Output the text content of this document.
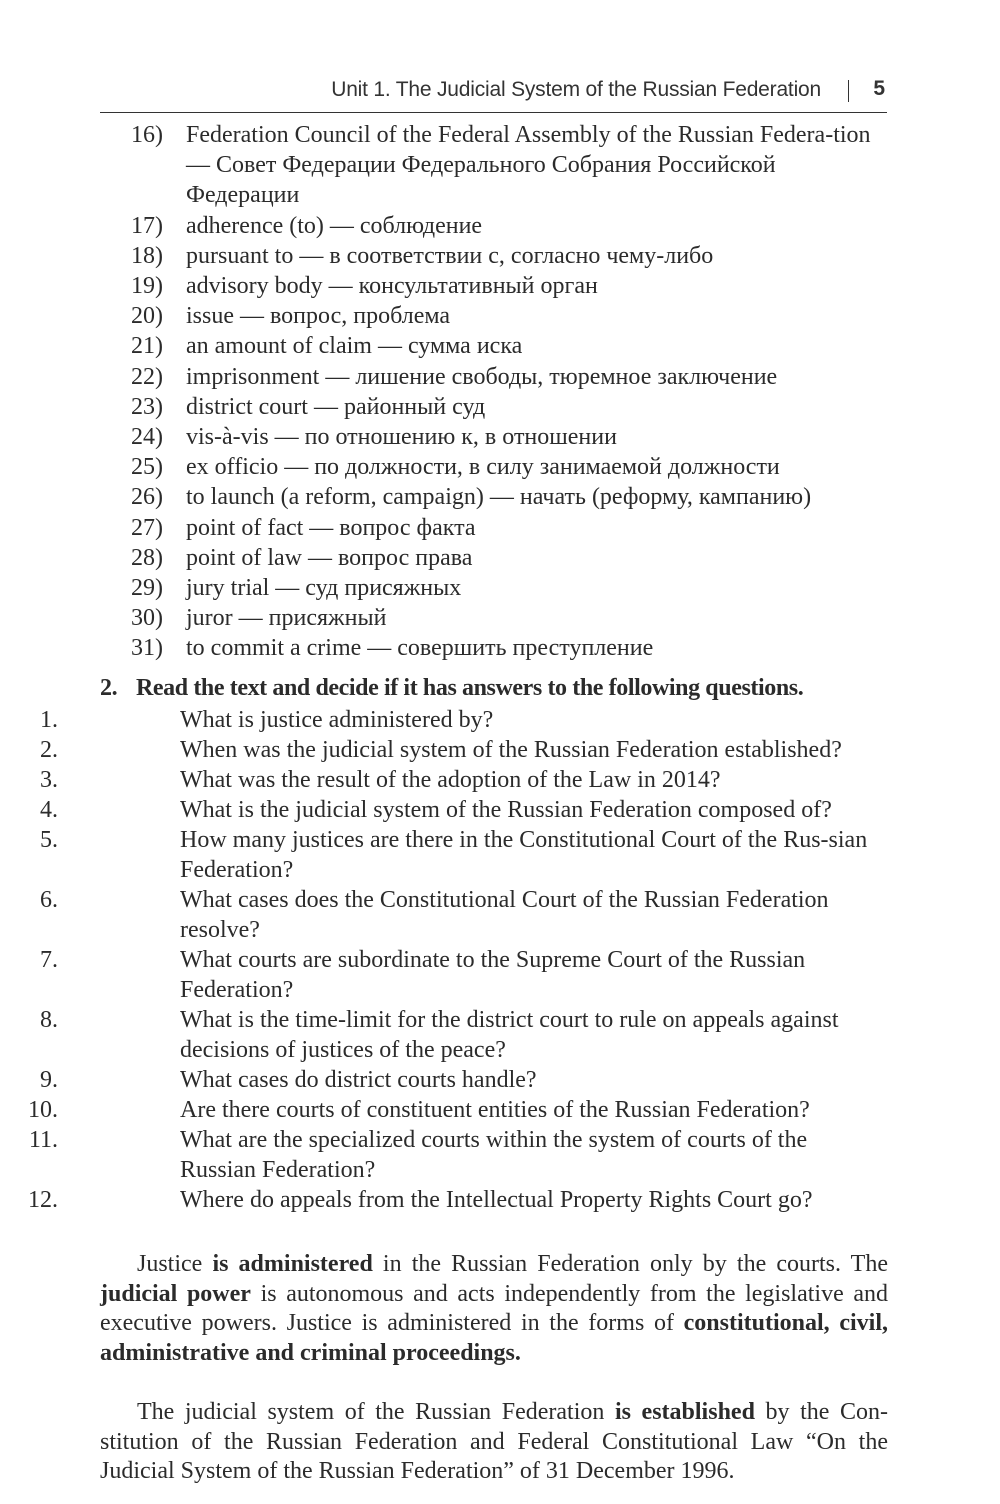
Unit 1. The Judicial System of the Russian Federation 5
16) Federation Council of the Federal Assembly of the Russian Federa-​tion — Совет Федерации Федерального Собрания Российской Федерации
17) adherence (to) — соблюдение
18) pursuant to — в соответствии с, согласно чему-либо
19) advisory body — консультативный орган
20) issue — вопрос, проблема
21) an amount of claim — сумма иска
22) imprisonment — лишение свободы, тюремное заключение
23) district court — районный суд
24) vis-à-vis — по отношению к, в отношении
25) ex officio — по должности, в силу занимаемой должности
26) to launch (a reform, campaign) — начать (реформу, кампанию)
27) point of fact — вопрос факта
28) point of law — вопрос права
29) jury trial — суд присяжных
30) juror — присяжный
31) to commit a crime — совершить преступление
2. Read the text and decide if it has answers to the following questions.
1.	What is justice administered by?
2.	When was the judicial system of the Russian Federation established?
3.	What was the result of the adoption of the Law in 2014?
4.	What is the judicial system of the Russian Federation composed of?
5.	How many justices are there in the Constitutional Court of the Rus-​sian Federation?
6.	What cases does the Constitutional Court of the Russian Federation resolve?
7.	What courts are subordinate to the Supreme Court of the Russian Federation?
8.	What is the time-limit for the district court to rule on appeals against decisions of justices of the peace?
9.	What cases do district courts handle?
10.	Are there courts of constituent entities of the Russian Federation?
11.	What are the specialized courts within the system of courts of the Russian Federation?
12.	Where do appeals from the Intellectual Property Rights Court go?

Justice is administered in the Russian Federation only by the courts. The judicial power is autonomous and acts independently from the legislative and executive powers. Justice is administered in the forms of constitutional, civil, administrative and criminal proceedings.

The judicial system of the Russian Federation is established by the Con-​stitution of the Russian Federation and Federal Constitutional Law “On the Judicial System of the Russian Federation” of 31 December 1996.
